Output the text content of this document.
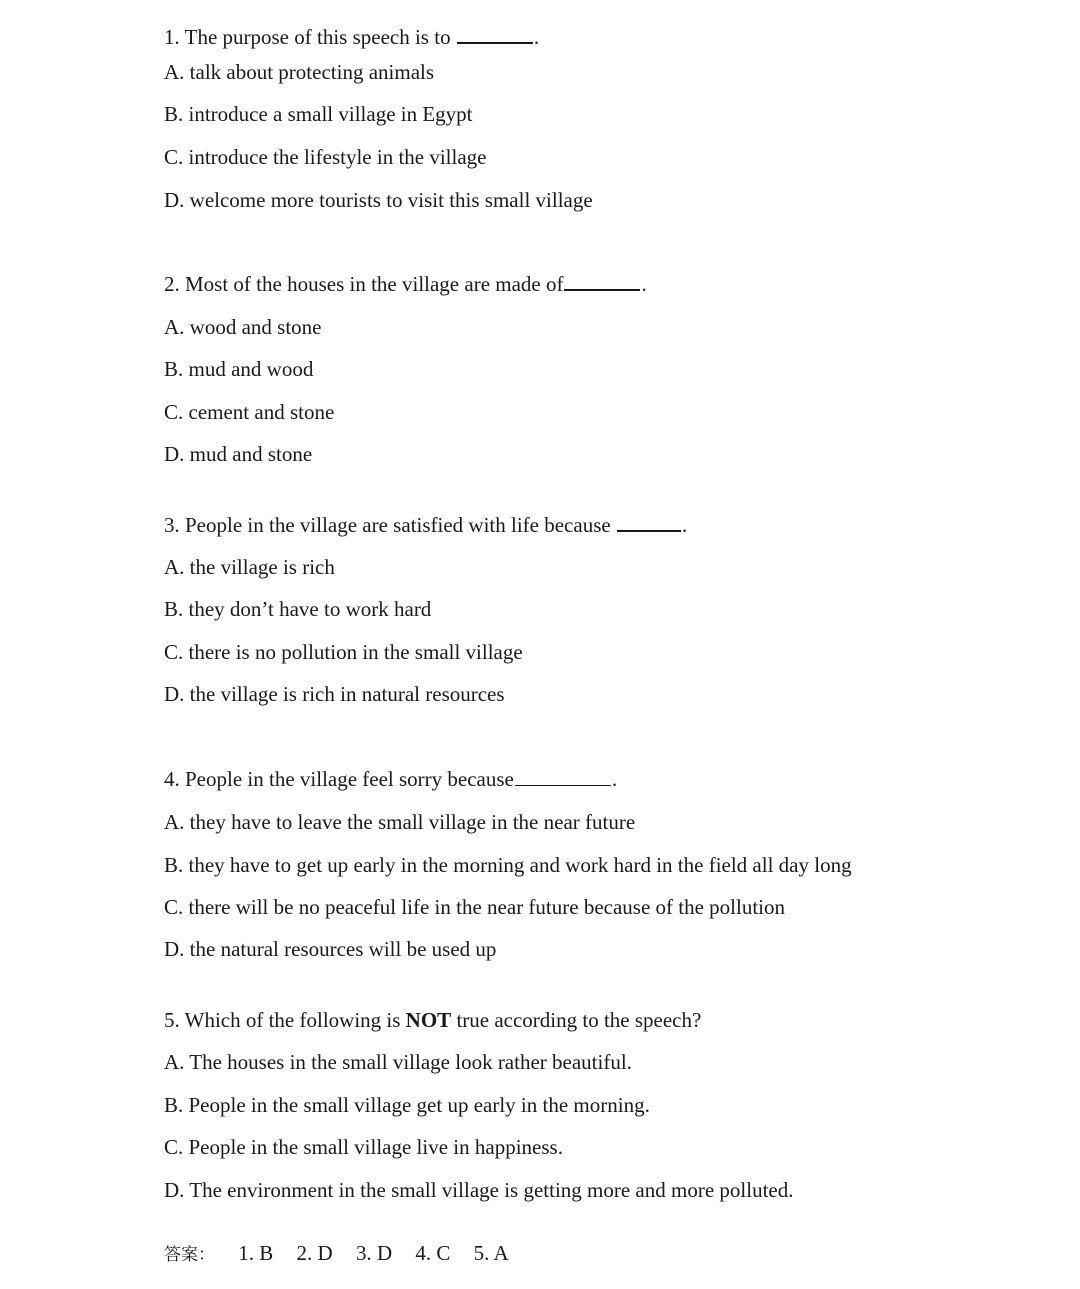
1. The purpose of this speech is to	.
A. talk about protecting animals
B. introduce a small village in Egypt
C. introduce the lifestyle in the village
D. welcome more tourists to visit this small village
2. Most of the houses in the village are made of	.
A. wood and stone
B. mud and wood
C. cement and stone
D. mud and stone
3. People in the village are satisfied with life because	.
A. the village is rich
B. they don’t have to work hard
C. there is no pollution in the small village
D. the village is rich in natural resources
4. People in the village feel sorry because	.
A. they have to leave the small village in the near future
B. they have to get up early in the morning and work hard in the field all day long
C. there will be no peaceful life in the near future because of the pollution
D. the natural resources will be used up
5. Which of the following is NOT true according to the speech?
A. The houses in the small village look rather beautiful.
B. People in the small village get up early in the morning.
C. People in the small village live in happiness.
D. The environment in the small village is getting more and more polluted.
答案： 1. B 2. D 3. D 4. C 5. A
